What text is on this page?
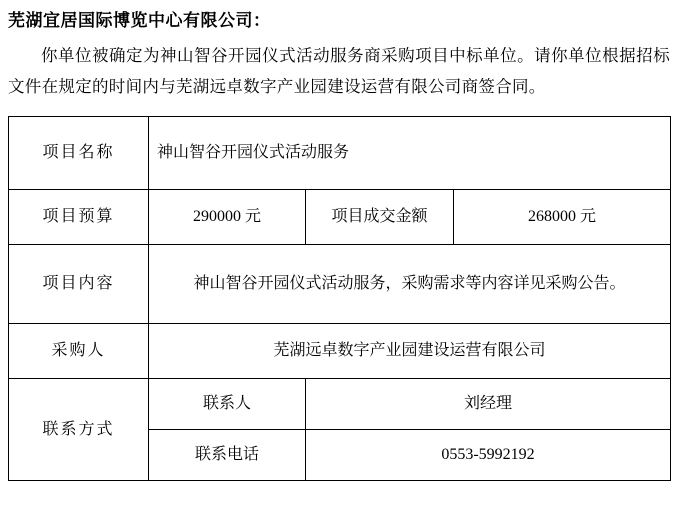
芜湖宜居国际博览中心有限公司：
你单位被确定为神山智谷开园仪式活动服务商采购项目中标单位。请你单位根据招标文件在规定的时间内与芜湖远卓数字产业园建设运营有限公司商签合同。
项目名称	神山智谷开园仪式活动服务		
项目预算	290000 元	项目成交金额	268000 元
项目内容	神山智谷开园仪式活动服务，采购需求等内容详见采购公告。		
采购人	芜湖远卓数字产业园建设运营有限公司		
联系方式	联系人	刘经理	
	联系电话	0553-5992192	
